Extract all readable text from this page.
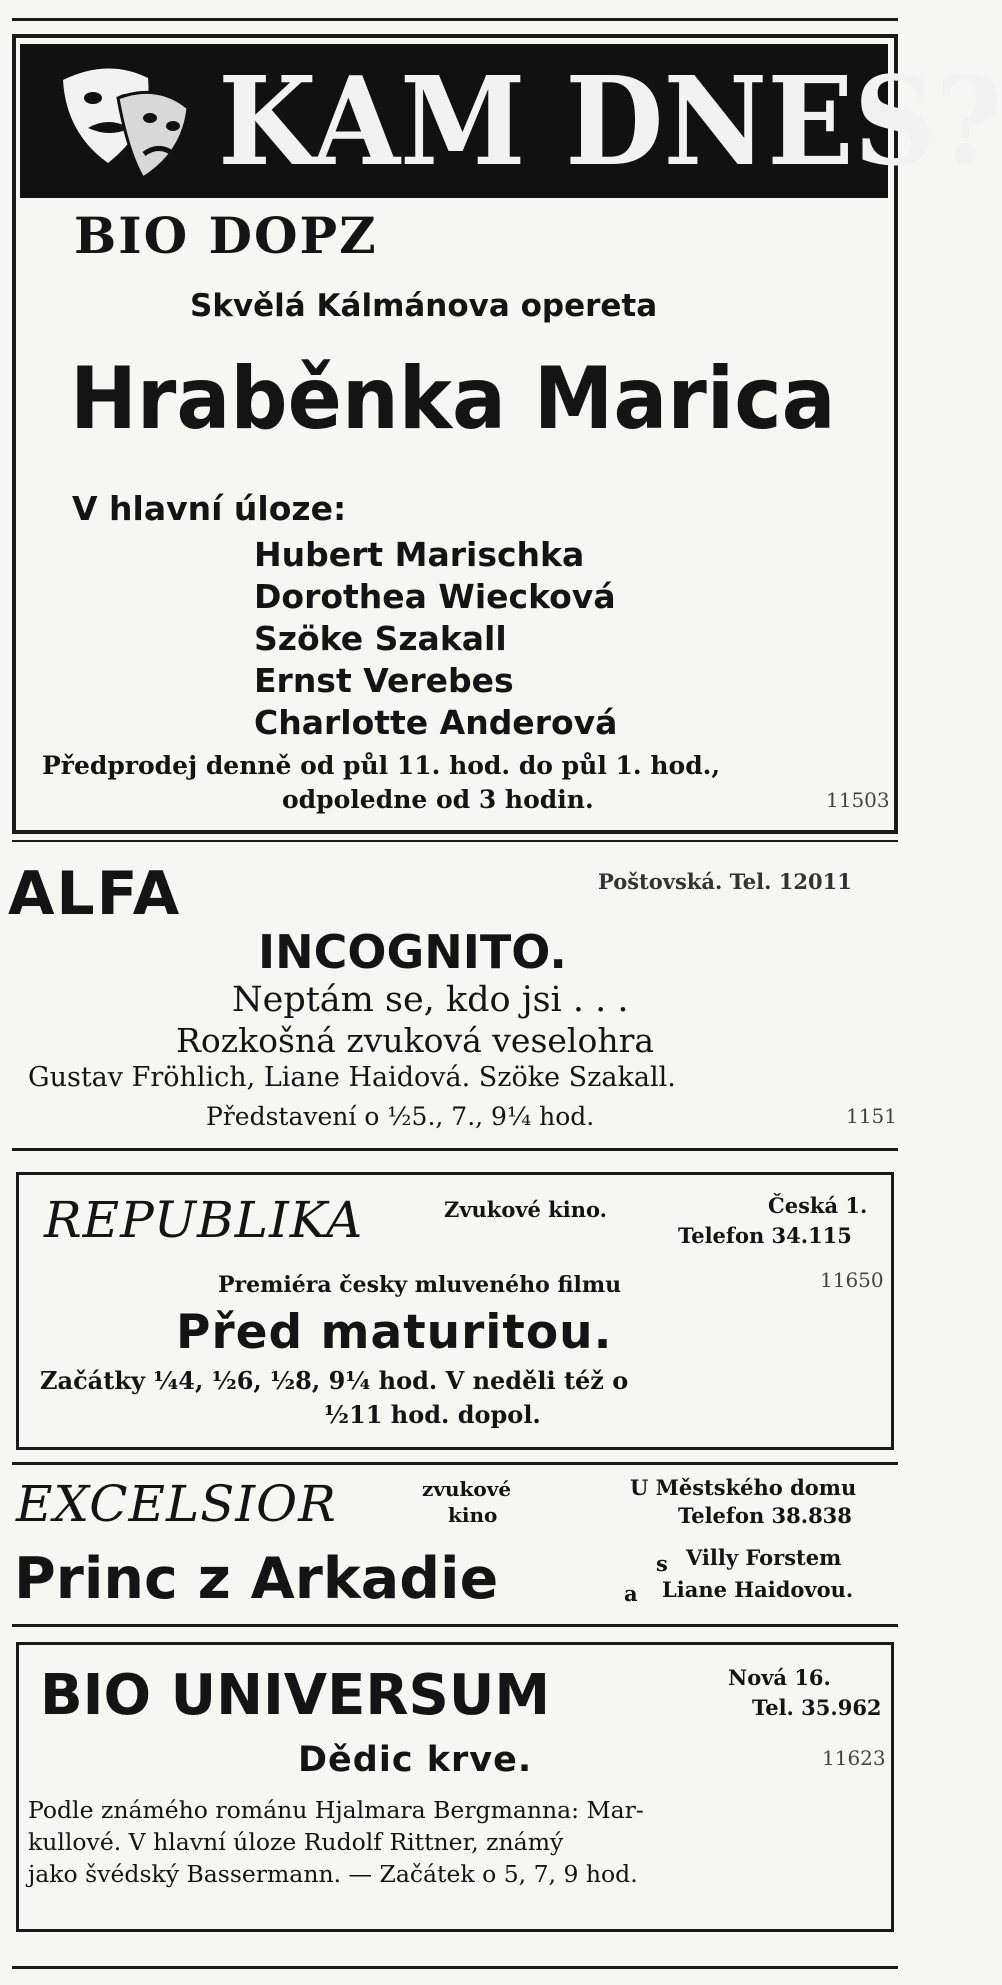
KAM DNES?
BIO DOPZ
Skvělá Kálmánova opereta
Hraběnka Marica
V hlavní úloze:
Hubert Marischka
Dorothea Wiecková
Szöke Szakall
Ernst Verebes
Charlotte Anderová
Předprodej denně od půl 11. hod. do půl 1. hod.,
odpoledne od 3 hodin.	11503
ALFA	Poštovská. Tel. 12011
INCOGNITO.
Neptám se, kdo jsi . . .
Rozkošná zvuková veselohra
Gustav Fröhlich, Liane Haidová. Szöke Szakall.
Představení o ½5., 7., 9¼ hod.	1151
REPUBLIKA	Zvukové kino.	Česká 1.
Telefon 34.115
Premiéra česky mluveného filmu	11650
Před maturitou.
Začátky ¼4, ½6, ½8, 9¼ hod. V neděli též o
½11 hod. dopol.
EXCELSIOR	zvukové
kino
U Městského domu
Telefon 38.838
Princ z Arkadie	s
a
Villy Forstem
Liane Haidovou.
BIO UNIVERSUM	Nová 16.
Tel. 35.962
Dědic krve.	11623
Podle známého románu Hjalmara Bergmanna: Mar-
kullové. V hlavní úloze Rudolf Rittner, známý
jako švédský Bassermann. — Začátek o 5, 7, 9 hod.
